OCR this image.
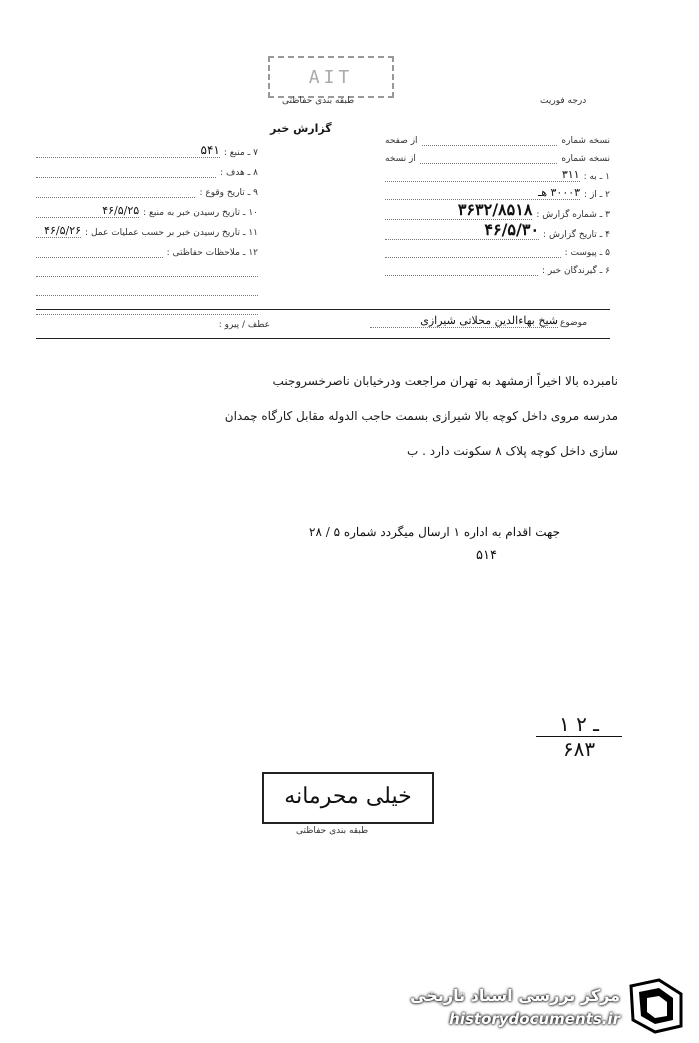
AIT
طبقه بندی حفاظتی	درجه فوریت
گزارش خبر
۷ ـ منبع :
۵۴۱
۸ ـ هدف :
۹ ـ تاریخ وقوع :
۱۰ ـ تاریخ رسیدن خبر به منبع :
۴۶/۵/۲۵
۱۱ ـ تاریخ رسیدن خبر بر حسب عملیات عمل :
۴۶/۵/۲۶
۱۲ ـ ملاحظات حفاظتی :
نسخه شماره
از صفحه
نسخه شماره
از نسخه
۱ ـ به :
۳۱۱
۲ ـ از :
۳۰۰۰۳ هـ
۳ ـ شماره گزارش :
۳۶۳۲/۸۵۱۸
۴ ـ تاریخ گزارش :
۴۶/۵/۳۰
۵ ـ پیوست :
۶ ـ گیرندگان خبر :
موضوع
شیخ بهاءالدین محلاتی شیرازی
عطف / پیرو :
نامبرده بالا اخیراً ازمشهد به تهران مراجعت ودرخیابان ناصرخسروجنب
مدرسه مروی داخل کوچه بالا شیرازی بسمت حاجب الدوله مقابل کارگاه چمدان
سازی داخل کوچه پلاک ۸ سکونت دارد . ب
جهت اقدام به اداره ۱ ارسال میگردد شماره ۵ / ۲۸
۵۱۴
۱ ـ ۲
۶۸۳
خیلی محرمانه
طبقه بندی حفاظتی
مرکز بررسی اسناد تاریخی
historydocuments.ir
